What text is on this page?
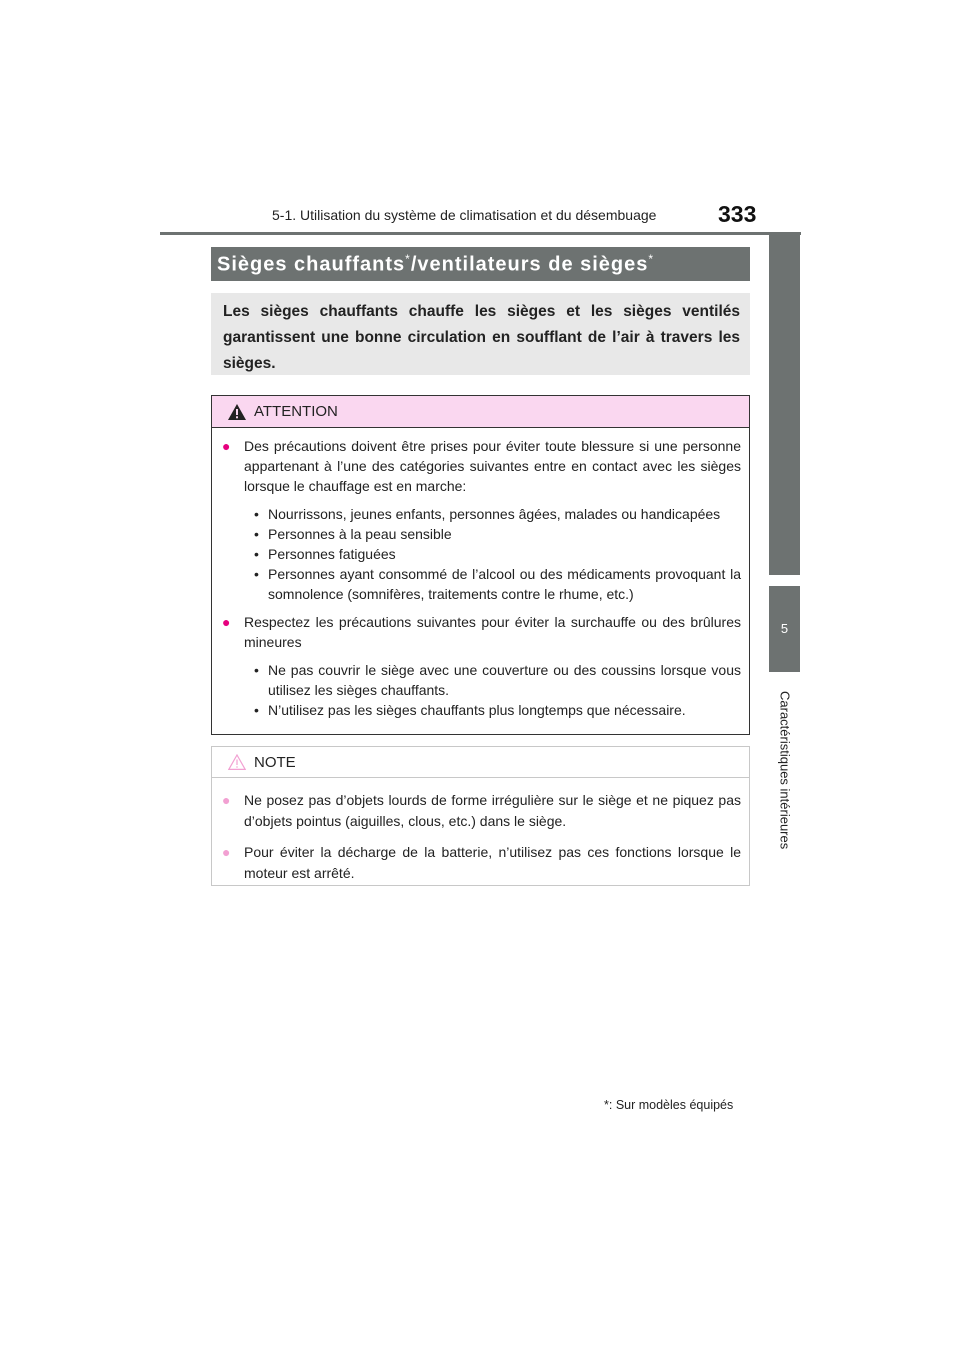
5-1. Utilisation du système de climatisation et du désembuage	333
5
Caractéristiques intérieures
Sièges chauffants*/ventilateurs de sièges*
Les sièges chauffants chauffe les sièges et les sièges ventilés garantissent une bonne circulation en soufflant de l’air à travers les sièges.
ATTENTION
● Des précautions doivent être prises pour éviter toute blessure si une personne appartenant à l’une des catégories suivantes entre en contact avec les sièges lorsque le chauffage est en marche:
• Nourrissons, jeunes enfants, personnes âgées, malades ou handicapées
• Personnes à la peau sensible
• Personnes fatiguées
• Personnes ayant consommé de l’alcool ou des médicaments provoquant la somnolence (somnifères, traitements contre le rhume, etc.)
● Respectez les précautions suivantes pour éviter la surchauffe ou des brûlures mineures
• Ne pas couvrir le siège avec une couverture ou des coussins lorsque vous utilisez les sièges chauffants.
• N’utilisez pas les sièges chauffants plus longtemps que nécessaire.
NOTE
● Ne posez pas d’objets lourds de forme irrégulière sur le siège et ne piquez pas d’objets pointus (aiguilles, clous, etc.) dans le siège.
● Pour éviter la décharge de la batterie, n’utilisez pas ces fonctions lorsque le moteur est arrêté.
*: Sur modèles équipés
